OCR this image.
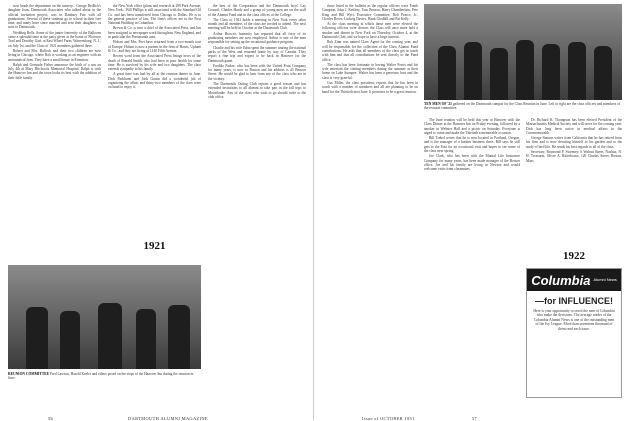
now heads the department on the nursery... George Redlich's daughter Joan, Dartmouth Associates who talked about so the official invitation project, was in Danbury Fair with all graduations. Several of these students go to school in their free time, and many have since married and sent their daughters or sons to Dartmouth.

Wedding Bells. Some of the junior fraternity of the Balloons came a splendid time at the party given at the home of Florence Trail and Dorothy Gart, at East Wheel Farm, Warrensburg, N. J., on July 1st, and the Class of 1921 members gathered there.

Robert and Mrs. Bullock and their two children are now living in Chicago, where Bob is working as an engineer with an aeronautical firm. They have a small house in Evanston.

Ralph and Gertrude Fisher announce the birth of a son on July 4th at Mary Hitchcock Memorial Hospital. Ralph is with the Hanover Inn and the town looks its best with the addition of their little family.

the New York office (plans and research at 299 Park Avenue, New York... Bill Phillips is still associated with the Standard Oil Co. and has been transferred from Chicago to Dallas. He is in the general practice of law. The firm's offices are in the First National Building in Columbus.

Brown & Co. is now a chief of the Associated Press, and has been assigned to newspaper work throughout New England, and in particular the Portsmouth area.

Hobart and Mrs. Peet have returned from a two-month tour of Europe. Hobart is now a partner in the firm of Harris, Upham & Co., and they are living at 1140 Fifth Avenue.

Recent word from the Associated Press brings news of the death of Ronald Smith, who had been in poor health for some time. He is survived by his wife and two daughters. The class extends sympathy to his family.

A great time was had by all at the reunion dinner in June. Dick Parkhurst and Jack Gartin did a wonderful job of organizing the affair, and thirty-two members of the class were on hand to enjoy it.

the best of the Corporation and the Dartmouth boys' Lay Council, Charles Hardy and a group of young men are on the staff of the Alumni Fund and in the class offices of the College.

The Class of 1921 holds a meeting in New York every other month and all members of the class are invited to attend. The next meeting will be held in October at the Dartmouth Club.

Arthur Brown's fraternity has reported that all forty of its graduating members are now employed. Arthur is one of the men responsible for setting up the vocational guidance program.

Charlie and his wife Edna spent the summer touring the national parks of the West and returned home by way of Canada. They report a fine trip and expect to be back in Hanover for the Dartmouth game.

Freddie Parker, who has been with the United Fruit Company for many years, is now in Boston and his address is 45 Beacon Street. He would be glad to hear from any of the class who are in the vicinity.

The Dartmouth Outing Club reports a good season and has extended invitations to all alumni to take part in the fall trips to Moosilauke. Any of the class who wish to go should write to the club office.

REUNION COMMITTEE Fred Lawson, Harold Keeler and others posed on the steps of the Hanover Inn during the reunion in June.
1921
56	DARTMOUTH ALUMNI MAGAZINE

those listed in the bulletin as the regular officers were Frank Campion, John J. Kettlety, Tom Benson, Harry Chamberlain, Pete King and Bill Wyrt, Executive Committee, Bob Pearce, Jr., Charles Rowe, Ludwig Davies, Hank Gledhill and Pat Kelly.

At the class meeting at which these men were elected the following officers were chosen: the Class will once more hold a smoker and dinner in New York on Thursday, October 4, at the Dartmouth Club, and we hope to have a large turnout.

Bob Zinn was named Class Agent for the coming year, and will be responsible for the collection of the Class Alumni Fund contributions. He asks that all members of the class get in touch with him and that all contributions be sent directly to the Fund office.

The class has been fortunate in having Walter Ferris and his wife entertain the visiting members during the summer at their home on Lake Sunapee. Walter has been a generous host and the class is very grateful.

Gus Miller, the class president, reports that he has been in touch with a number of members and all are planning to be on hand for the Thirtieth next June. It promises to be a great reunion.

TEN MEN OF '21 gathered on the Dartmouth campus for the Class Reunion in June. Left to right are the class officers and members of the reunion committee.

The June reunion will be held this year at Hanover with the Class Dinner at the Hanover Inn on Friday evening, followed by a smoker in Webster Hall and a picnic on Saturday. Everyone is urged to come and make the Thirtieth a memorable occasion.

Bill Trebel writes that he is now located in Portland, Oregon, and is the manager of a lumber business there. Bill says he still gets to the East for an occasional visit and hopes to see some of the class next spring.

Joe Clark, who has been with the Mutual Life Insurance Company for many years, has been made manager of the Boston office. Joe and his family are living in Newton and would welcome visits from classmates.

Dr. Richard K. Thompson has been elected President of the Massachusetts Medical Society and will serve for the coming year. Dick has long been active in medical affairs in the Commonwealth.

George Simons writes from California that he has retired from his firm and is now devoting himself to his garden and to the study of bird life. He sends his best regards to all of the class.

Secretary, Raymond P. Sweeney, 6 Walnut Street, Nashua, N. H. Treasurer, Oliver A. Ritterhouse, 120 Charles Street, Boston, Mass.

1922
Columbia Alumni News
—for INFLUENCE!
Here is your opportunity to reach the men of Columbia who make the decisions. The average reader of the Columbia Alumni News is one of the outstanding men of the Ivy League. More than seventeen thousand of them read each issue.
Issue of OCTOBER 1951	57
